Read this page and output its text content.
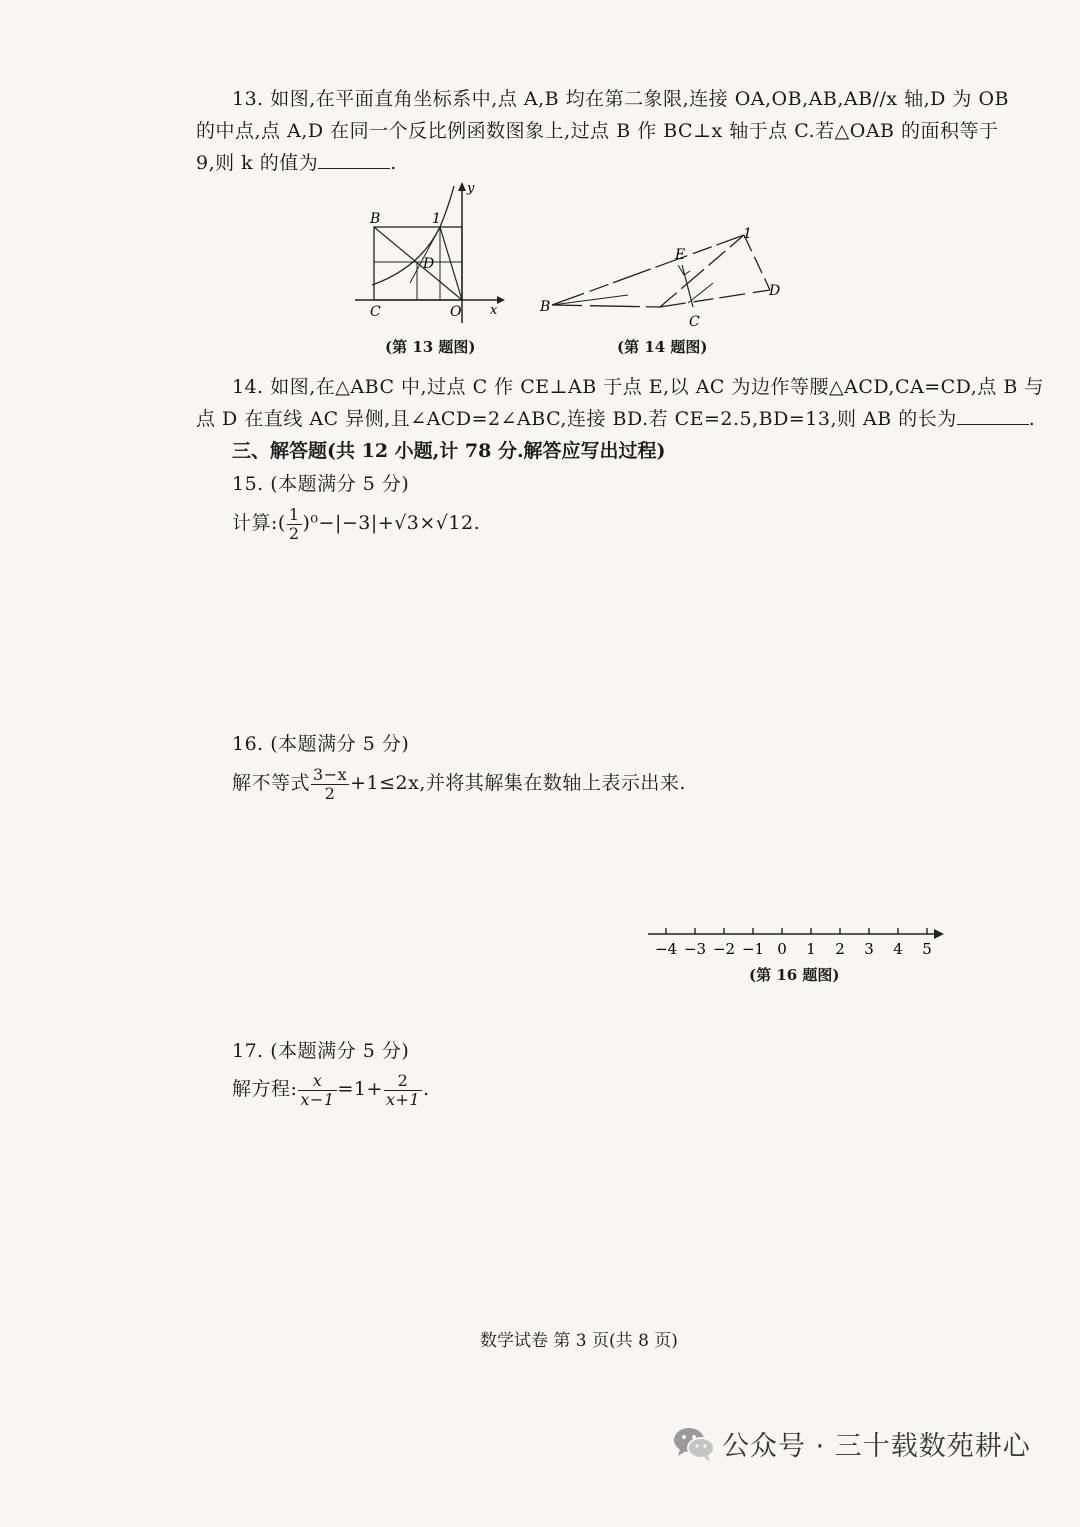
13. 如图,在平面直角坐标系中,点 A,B 均在第二象限,连接 OA,OB,AB,AB//x 轴,D 为 OB
的中点,点 A,D 在同一个反比例函数图象上,过点 B 作 BC⊥x 轴于点 C.若△OAB 的面积等于
9,则 k 的值为	.
B	1
D
C	O x
y
(第 13 题图)
B
E
1
C
D
(第 14 题图)
14. 如图,在△ABC 中,过点 C 作 CE⊥AB 于点 E,以 AC 为边作等腰△ACD,CA=CD,点 B 与
点 D 在直线 AC 异侧,且∠ACD=2∠ABC,连接 BD.若 CE=2.5,BD=13,则 AB 的长为	.
三、解答题(共 12 小题,计 78 分.解答应写出过程)
15. (本题满分 5 分)
计算:( $\frac{1}{2} )^0-|-3|+√3\times√12$.
16. (本题满分 5 分)
解不等式 $\frac{3-x}{2} +1\le 2x$,并将其解集在数轴上表示出来.
−4 −3 −2 −1 0 1 2 3 4 5
(第 16 题图)
17. (本题满分 5 分)
解方程: $\frac{x}{x-1} =1+ \frac{2}{x+1}$ .
数学试卷 第 3 页(共 8 页)
公众号 · 三十载数苑耕心
